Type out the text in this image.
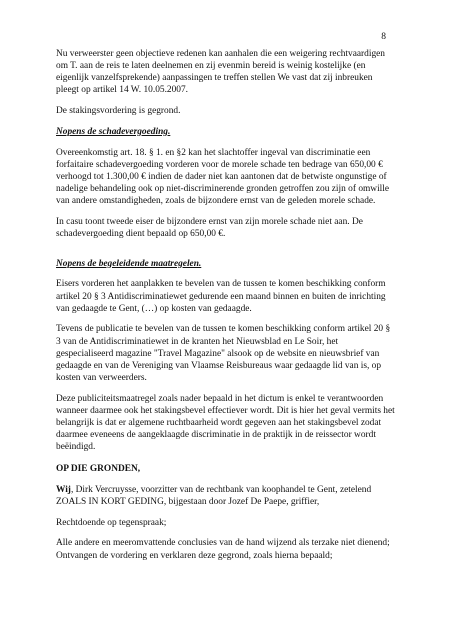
8

Nu verweerster geen objectieve redenen kan aanhalen die een weigering rechtvaardigen om T. aan de reis te laten deelnemen en zij evenmin bereid is weinig kostelijke (en eigenlijk vanzelfsprekende) aanpassingen te treffen stellen We vast dat zij inbreuken pleegt op artikel 14 W. 10.05.2007.

De stakingsvordering is gegrond.

Nopens de schadevergoeding.

Overeenkomstig art. 18. § 1. en §2 kan het slachtoffer ingeval van discriminatie een forfaitaire schadevergoeding vorderen voor de morele schade ten bedrage van 650,00 € verhoogd tot 1.300,00 € indien de dader niet kan aantonen dat de betwiste ongunstige of nadelige behandeling ook op niet-discriminerende gronden getroffen zou zijn of omwille van andere omstandigheden, zoals de bijzondere ernst van de geleden morele schade.

In casu toont tweede eiser de bijzondere ernst van zijn morele schade niet aan. De schadevergoeding dient bepaald op 650,00 €.

Nopens de begeleidende maatregelen.

Eisers vorderen het aanplakken te bevelen van de tussen te komen beschikking conform artikel 20 § 3 Antidiscriminatiewet gedurende een maand binnen en buiten de inrichting van gedaagde te Gent, (…) op kosten van gedaagde.

Tevens de publicatie te bevelen van de tussen te komen beschikking conform artikel 20 § 3 van de Antidiscriminatiewet in de kranten het Nieuwsblad en Le Soir, het gespecialiseerd magazine "Travel Magazine" alsook op de website en nieuwsbrief van gedaagde en van de Vereniging van Vlaamse Reisbureaus waar gedaagde lid van is, op kosten van verweerders.

Deze publiciteitsmaatregel zoals nader bepaald in het dictum is enkel te verantwoorden wanneer daarmee ook het stakingsbevel effectiever wordt. Dit is hier het geval vermits het belangrijk is dat er algemene ruchtbaarheid wordt gegeven aan het stakingsbevel zodat daarmee eveneens de aangeklaagde discriminatie in de praktijk in de reissector wordt beëindigd.

OP DIE GRONDEN,

Wij, Dirk Vercruysse, voorzitter van de rechtbank van koophandel te Gent, zetelend ZOALS IN KORT GEDING, bijgestaan door Jozef De Paepe, griffier,

Rechtdoende op tegenspraak;

Alle andere en meeromvattende conclusies van de hand wijzend als terzake niet dienend;

Ontvangen de vordering en verklaren deze gegrond, zoals hierna bepaald;
